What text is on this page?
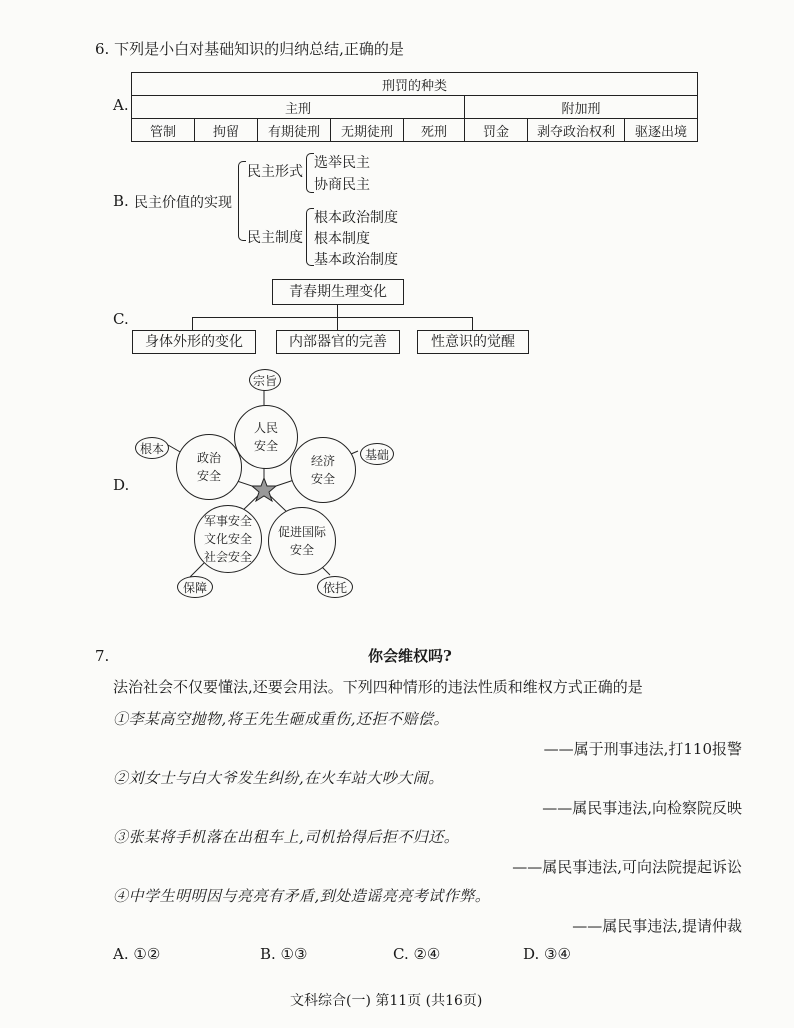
6. 下列是小白对基础知识的归纳总结,正确的是
A.
刑罚的种类							
主刑					附加刑		
管制	拘留	有期徒刑	无期徒刑	死刑	罚金	剥夺政治权利	驱逐出境
B. 民主价值的实现
民主形式
选举民主
协商民主
民主制度
根本政治制度
根本制度
基本政治制度
C.
青春期生理变化
身体外形的变化	内部器官的完善	性意识的觉醒
D.
宗旨
根本	基础
保障	依托
人民
安全
政治
安全
经济
安全
军事安全
文化安全
社会安全
促进国际
安全
7.	你会维权吗?
法治社会不仅要懂法,还要会用法。下列四种情形的违法性质和维权方式正确的是
①李某高空抛物,将王先生砸成重伤,还拒不赔偿。
——属于刑事违法,打110报警
②刘女士与白大爷发生纠纷,在火车站大吵大闹。
——属民事违法,向检察院反映
③张某将手机落在出租车上,司机拾得后拒不归还。
——属民事违法,可向法院提起诉讼
④中学生明明因与亮亮有矛盾,到处造谣亮亮考试作弊。
——属民事违法,提请仲裁
A. ①②	B. ①③	C. ②④	D. ③④
文科综合(一) 第11页 (共16页)
